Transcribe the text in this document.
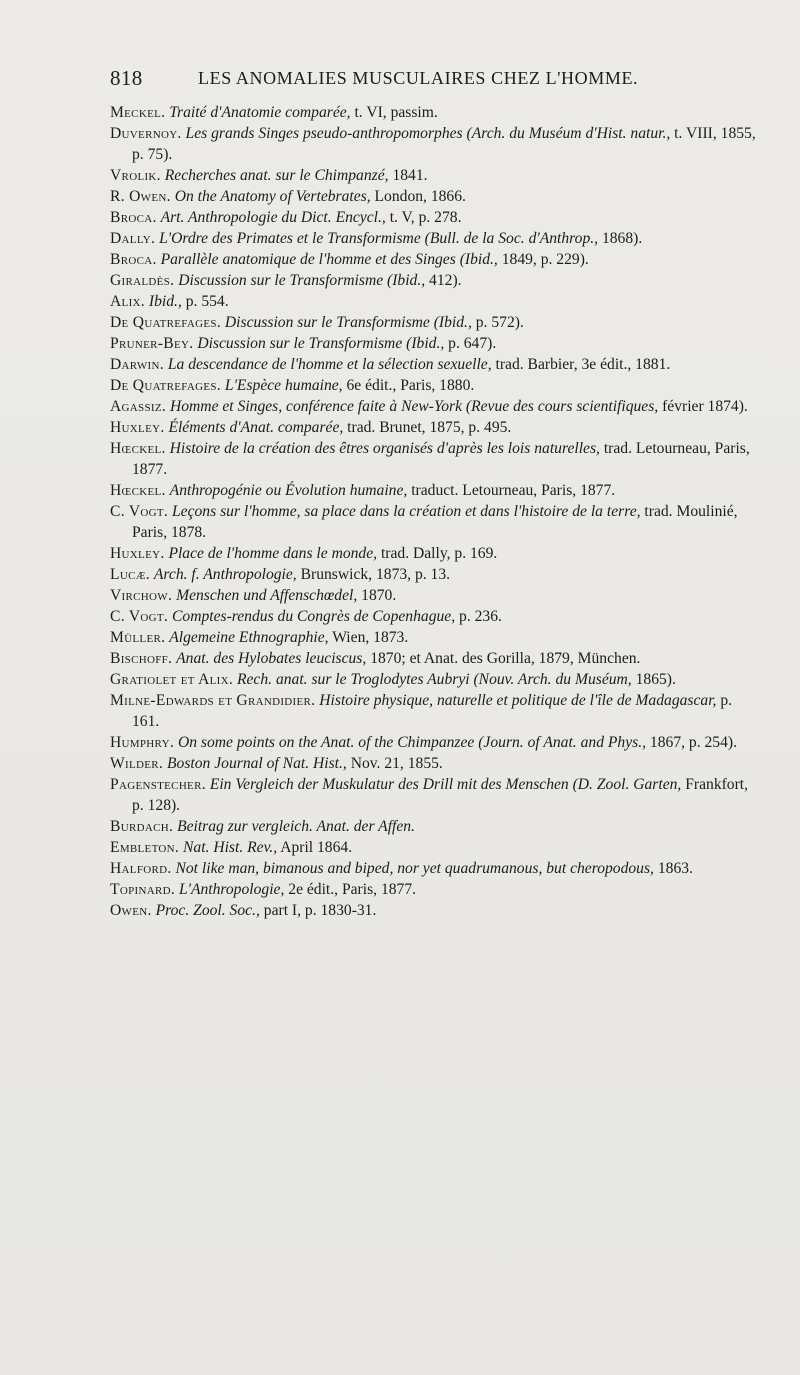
818	LES ANOMALIES MUSCULAIRES CHEZ L'HOMME.
Meckel. Traité d'Anatomie comparée, t. VI, passim.
Duvernoy. Les grands Singes pseudo-anthropomorphes (Arch. du Muséum d'Hist. natur., t. VIII, 1855, p. 75).
Vrolik. Recherches anat. sur le Chimpanzé, 1841.
R. Owen. On the Anatomy of Vertebrates, London, 1866.
Broca. Art. Anthropologie du Dict. Encycl., t. V, p. 278.
Dally. L'Ordre des Primates et le Transformisme (Bull. de la Soc. d'Anthrop., 1868).
Broca. Parallèle anatomique de l'homme et des Singes (Ibid., 1849, p. 229).
Giraldès. Discussion sur le Transformisme (Ibid., 412).
Alix. Ibid., p. 554.
De Quatrefages. Discussion sur le Transformisme (Ibid., p. 572).
Pruner-Bey. Discussion sur le Transformisme (Ibid., p. 647).
Darwin. La descendance de l'homme et la sélection sexuelle, trad. Barbier, 3e édit., 1881.
De Quatrefages. L'Espèce humaine, 6e édit., Paris, 1880.
Agassiz. Homme et Singes, conférence faite à New-York (Revue des cours scientifiques, février 1874).
Huxley. Éléments d'Anat. comparée, trad. Brunet, 1875, p. 495.
Hœckel. Histoire de la création des êtres organisés d'après les lois naturelles, trad. Letourneau, Paris, 1877.
Hœckel. Anthropogénie ou Évolution humaine, traduct. Letourneau, Paris, 1877.
C. Vogt. Leçons sur l'homme, sa place dans la création et dans l'histoire de la terre, trad. Moulinié, Paris, 1878.
Huxley. Place de l'homme dans le monde, trad. Dally, p. 169.
Lucæ. Arch. f. Anthropologie, Brunswick, 1873, p. 13.
Virchow. Menschen und Affenschœdel, 1870.
C. Vogt. Comptes-rendus du Congrès de Copenhague, p. 236.
Müller. Algemeine Ethnographie, Wien, 1873.
Bischoff. Anat. des Hylobates leuciscus, 1870; et Anat. des Gorilla, 1879, München.
Gratiolet et Alix. Rech. anat. sur le Troglodytes Aubryi (Nouv. Arch. du Muséum, 1865).
Milne-Edwards et Grandidier. Histoire physique, naturelle et politique de l'île de Madagascar, p. 161.
Humphry. On some points on the Anat. of the Chimpanzee (Journ. of Anat. and Phys., 1867, p. 254).
Wilder. Boston Journal of Nat. Hist., Nov. 21, 1855.
Pagenstecher. Ein Vergleich der Muskulatur des Drill mit des Menschen (D. Zool. Garten, Frankfort, p. 128).
Burdach. Beitrag zur vergleich. Anat. der Affen.
Embleton. Nat. Hist. Rev., April 1864.
Halford. Not like man, bimanous and biped, nor yet quadrumanous, but cheropodous, 1863.
Topinard. L'Anthropologie, 2e édit., Paris, 1877.
Owen. Proc. Zool. Soc., part I, p. 1830-31.
